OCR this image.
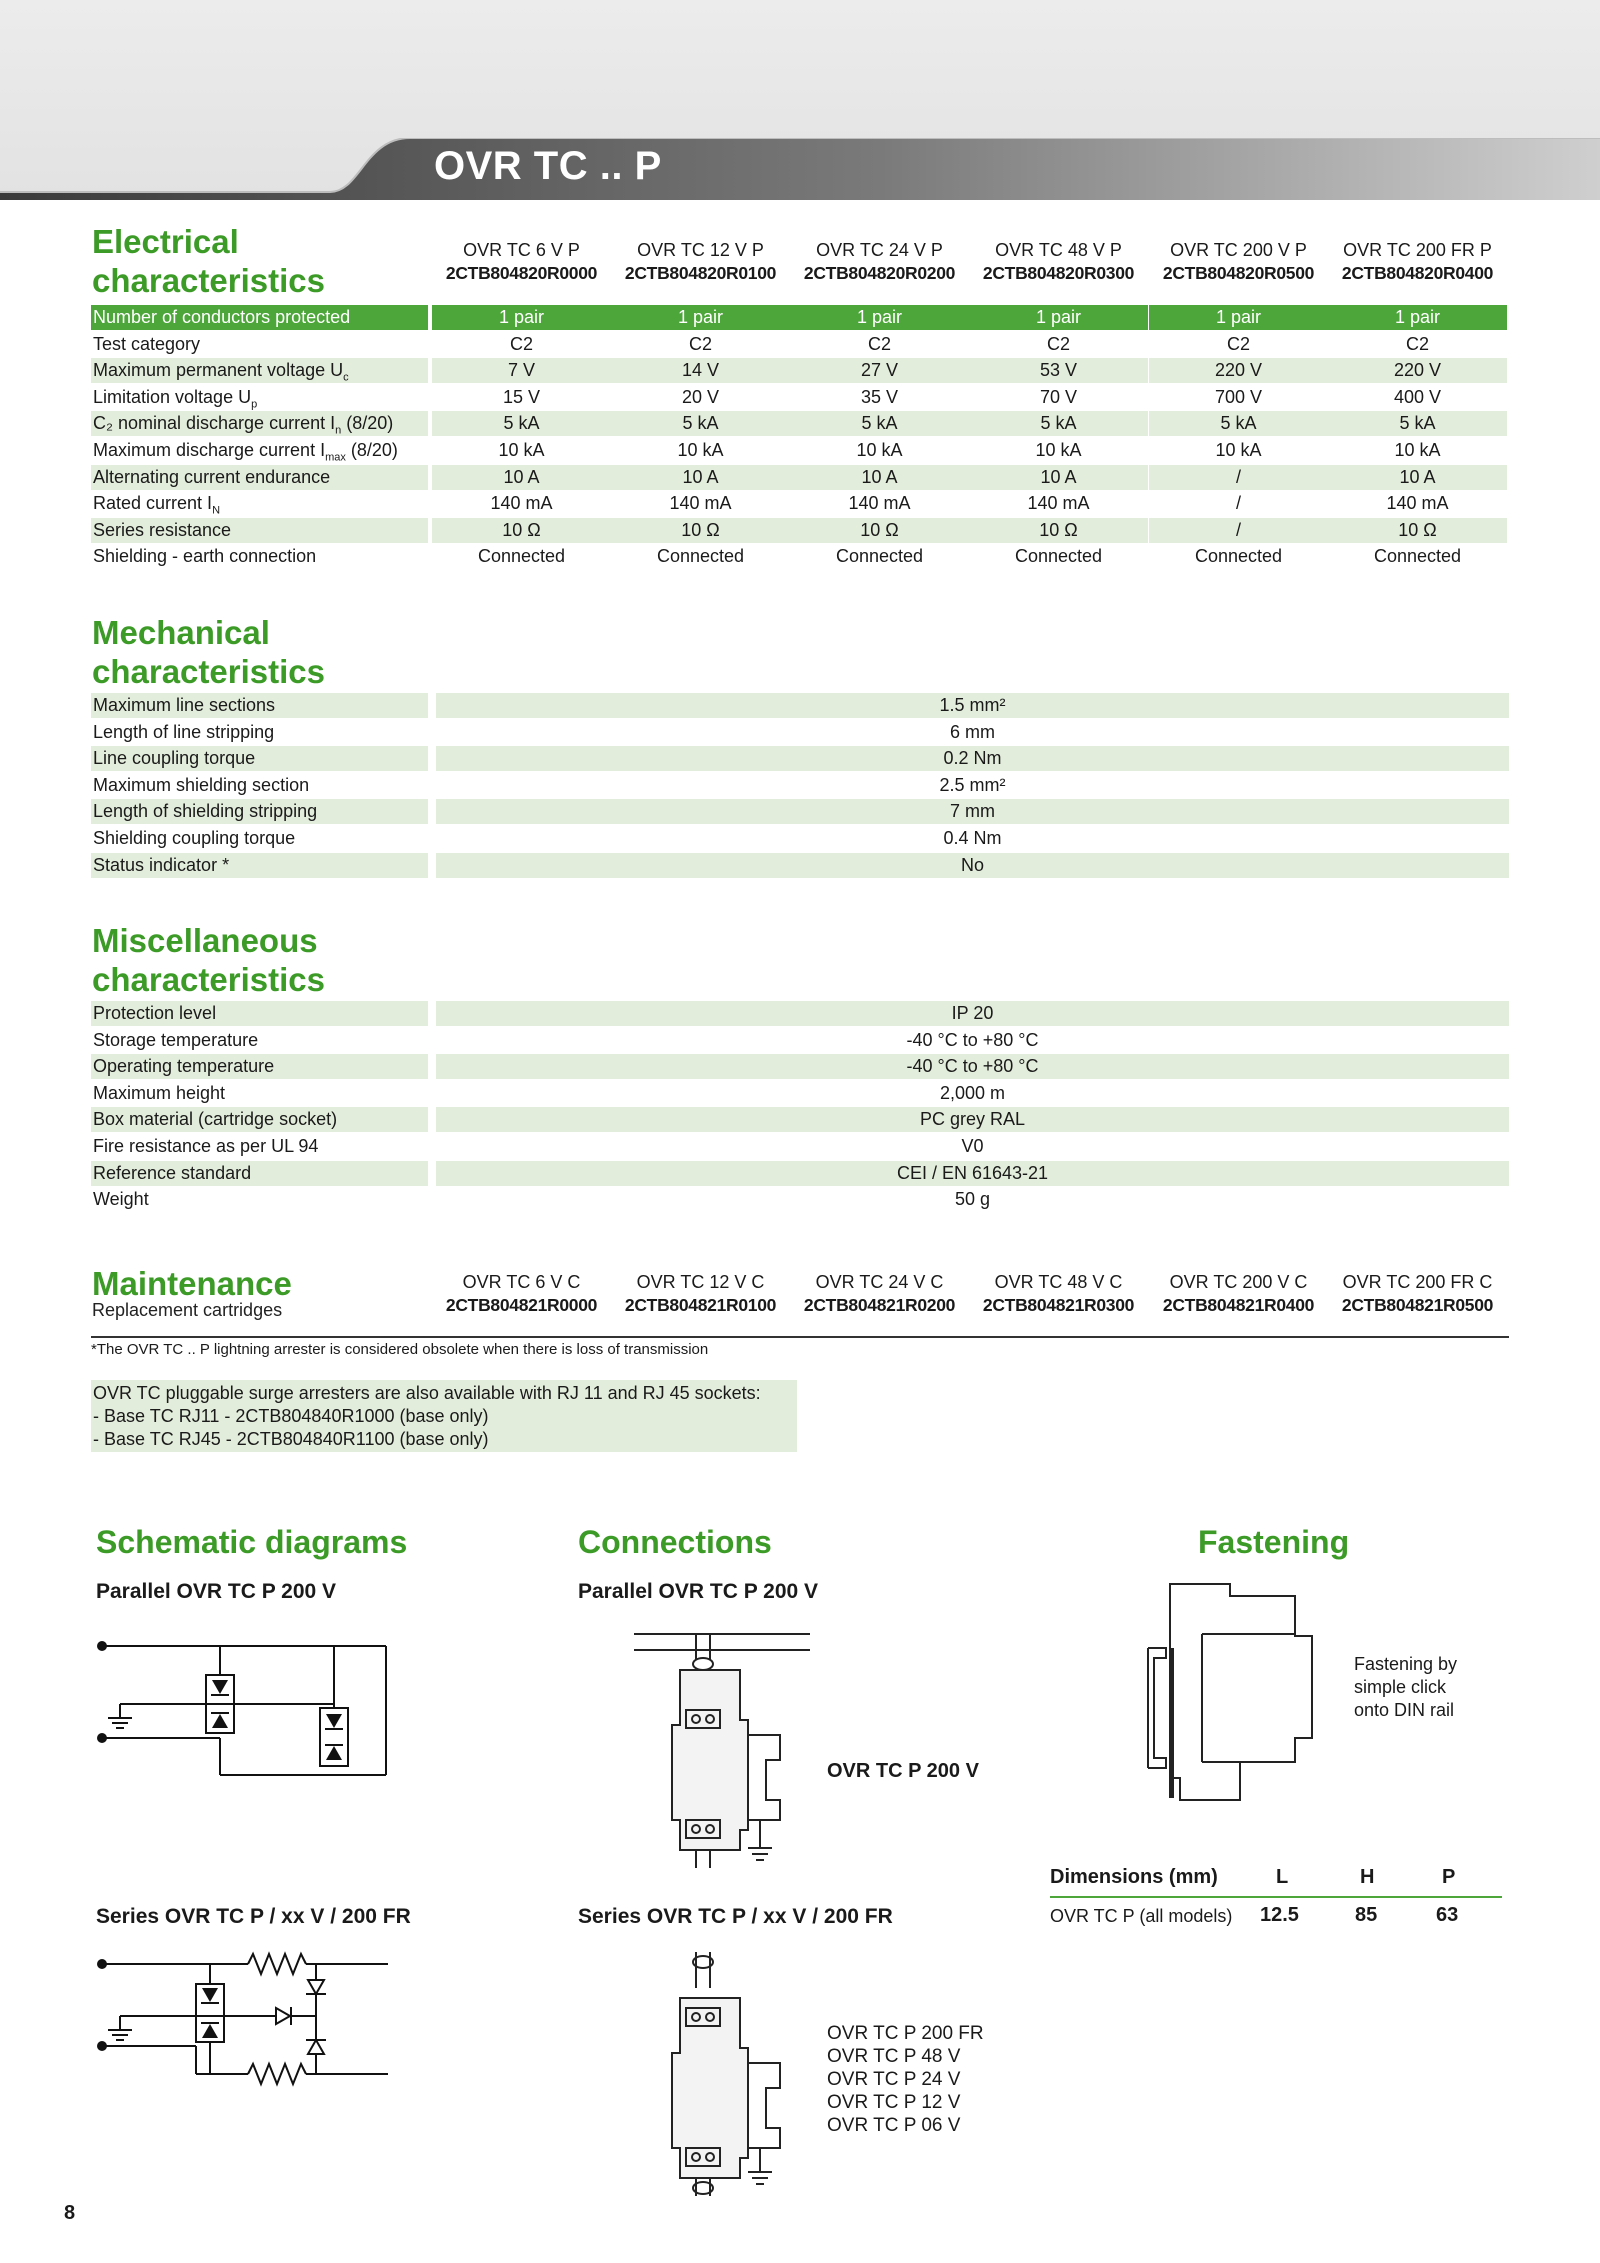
OVR TC .. P
Electrical
characteristics
OVR TC 6 V P
2CTB804820R0000
OVR TC 12 V P
2CTB804820R0100
OVR TC 24 V P
2CTB804820R0200
OVR TC 48 V P
2CTB804820R0300
OVR TC 200 V P
2CTB804820R0500
OVR TC 200 FR P
2CTB804820R0400
Number of conductors protected	1 pair	1 pair	1 pair	1 pair	1 pair	1 pair
Test category	C2	C2	C2	C2	C2	C2
Maximum permanent voltage $U_c$	7 V	14 V	27 V	53 V	220 V	220 V
Limitation voltage $U_p$	15 V	20 V	35 V	70 V	700 V	400 V
C₂ nominal discharge current $I_n$ (8/20)	5 kA	5 kA	5 kA	5 kA	5 kA	5 kA
Maximum discharge current $I_{max}$ (8/20)	10 kA	10 kA	10 kA	10 kA	10 kA	10 kA
Alternating current endurance	10 A	10 A	10 A	10 A	/	10 A
Rated current $I_N$	140 mA	140 mA	140 mA	140 mA	/	140 mA
Series resistance	10 Ω	10 Ω	10 Ω	10 Ω	/	10 Ω
Shielding - earth connection	Connected	Connected	Connected	Connected	Connected	Connected
Mechanical
characteristics
Maximum line sections	1.5 mm²
Length of line stripping	6 mm
Line coupling torque	0.2 Nm
Maximum shielding section	2.5 mm²
Length of shielding stripping	7 mm
Shielding coupling torque	0.4 Nm
Status indicator *	No
Miscellaneous
characteristics
Protection level	IP 20
Storage temperature	-40 °C to +80 °C
Operating temperature	-40 °C to +80 °C
Maximum height	2,000 m
Box material (cartridge socket)	PC grey RAL
Fire resistance as per UL 94	V0
Reference standard	CEI / EN 61643-21
Weight	50 g
Maintenance
Replacement cartridges
OVR TC 6 V C
2CTB804821R0000
OVR TC 12 V C
2CTB804821R0100
OVR TC 24 V C
2CTB804821R0200
OVR TC 48 V C
2CTB804821R0300
OVR TC 200 V C
2CTB804821R0400
OVR TC 200 FR C
2CTB804821R0500
*The OVR TC .. P lightning arrester is considered obsolete when there is loss of transmission
OVR TC pluggable surge arresters are also available with RJ 11 and RJ 45 sockets:
- Base TC RJ11 - 2CTB804840R1000 (base only)
- Base TC RJ45 - 2CTB804840R1100 (base only)
Schematic diagrams	Connections	Fastening
Parallel OVR TC P 200 V	Parallel OVR TC P 200 V
Series OVR TC P / xx V / 200 FR	Series OVR TC P / xx V / 200 FR
OVR TC P 200 V
OVR TC P 200 FR
OVR TC P 48 V
OVR TC P 24 V
OVR TC P 12 V
OVR TC P 06 V
Fastening by
simple click
onto DIN rail
Dimensions (mm)	L	H	P
OVR TC P (all models) 12.5	85	63
8
